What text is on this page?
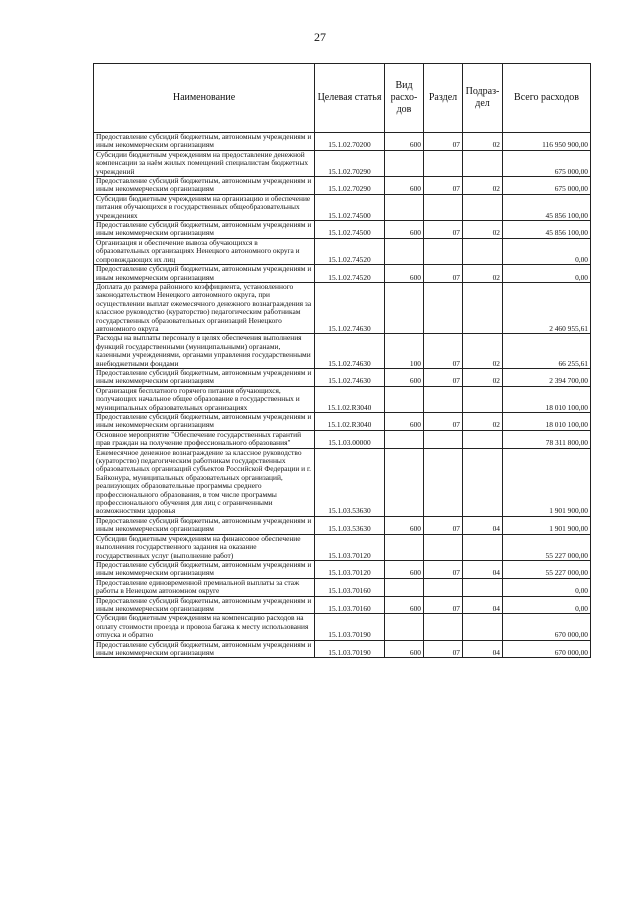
27
Наименование	Целевая статья	Вид расхо-дов	Раздел	Подраз-дел	Всего расходов
Предоставление субсидий бюджетным, автономным учреждениям и иным некоммерческим организациям	15.1.02.70200	600	07	02	116 950 900,00
Субсидии бюджетным учреждениям на предоставление денежной компенсации за наём жилых помещений специалистам бюджетных учреждений	15.1.02.70290				675 000,00
Предоставление субсидий бюджетным, автономным учреждениям и иным некоммерческим организациям	15.1.02.70290	600	07	02	675 000,00
Субсидии бюджетным учреждениям на организацию и обеспечение питания обучающихся в государственных общеобразовательных учреждениях	15.1.02.74500				45 856 100,00
Предоставление субсидий бюджетным, автономным учреждениям и иным некоммерческим организациям	15.1.02.74500	600	07	02	45 856 100,00
Организация и обеспечение вывоза обучающихся в образовательных организациях Ненецкого автономного округа и сопровождающих их лиц	15.1.02.74520				0,00
Предоставление субсидий бюджетным, автономным учреждениям и иным некоммерческим организациям	15.1.02.74520	600	07	02	0,00
Доплата до размера районного коэффициента, установленного законодательством Ненецкого автономного округа, при осуществлении выплат ежемесячного денежного вознаграждения за классное руководство (кураторство) педагогическим работникам государственных образовательных организаций Ненецкого автономного округа	15.1.02.74630				2 460 955,61
Расходы на выплаты персоналу в целях обеспечения выполнения функций государственными (муниципальными) органами, казенными учреждениями, органами управления государственными внебюджетными фондами	15.1.02.74630	100	07	02	66 255,61
Предоставление субсидий бюджетным, автономным учреждениям и иным некоммерческим организациям	15.1.02.74630	600	07	02	2 394 700,00
Организация бесплатного горячего питания обучающихся, получающих начальное общее образование в государственных и муниципальных образовательных организациях	15.1.02.R3040				18 010 100,00
Предоставление субсидий бюджетным, автономным учреждениям и иным некоммерческим организациям	15.1.02.R3040	600	07	02	18 010 100,00
Основное мероприятие "Обеспечение государственных гарантий прав граждан на получение профессионального образования"	15.1.03.00000				78 311 800,00
Ежемесячное денежное вознаграждение за классное руководство (кураторство) педагогическим работникам государственных образовательных организаций субъектов Российской Федерации и г. Байконура, муниципальных образовательных организаций, реализующих образовательные программы среднего профессионального образования, в том числе программы профессионального обучения для лиц с ограниченными возможностями здоровья	15.1.03.53630				1 901 900,00
Предоставление субсидий бюджетным, автономным учреждениям и иным некоммерческим организациям	15.1.03.53630	600	07	04	1 901 900,00
Субсидии бюджетным учреждениям на финансовое обеспечение выполнения государственного задания на оказание государственных услуг (выполнение работ)	15.1.03.70120				55 227 000,00
Предоставление субсидий бюджетным, автономным учреждениям и иным некоммерческим организациям	15.1.03.70120	600	07	04	55 227 000,00
Предоставление единовременной премиальной выплаты за стаж работы в Ненецком автономном округе	15.1.03.70160				0,00
Предоставление субсидий бюджетным, автономным учреждениям и иным некоммерческим организациям	15.1.03.70160	600	07	04	0,00
Субсидии бюджетным учреждениям на компенсацию расходов на оплату стоимости проезда и провоза багажа к месту использования отпуска и обратно	15.1.03.70190				670 000,00
Предоставление субсидий бюджетным, автономным учреждениям и иным некоммерческим организациям	15.1.03.70190	600	07	04	670 000,00
